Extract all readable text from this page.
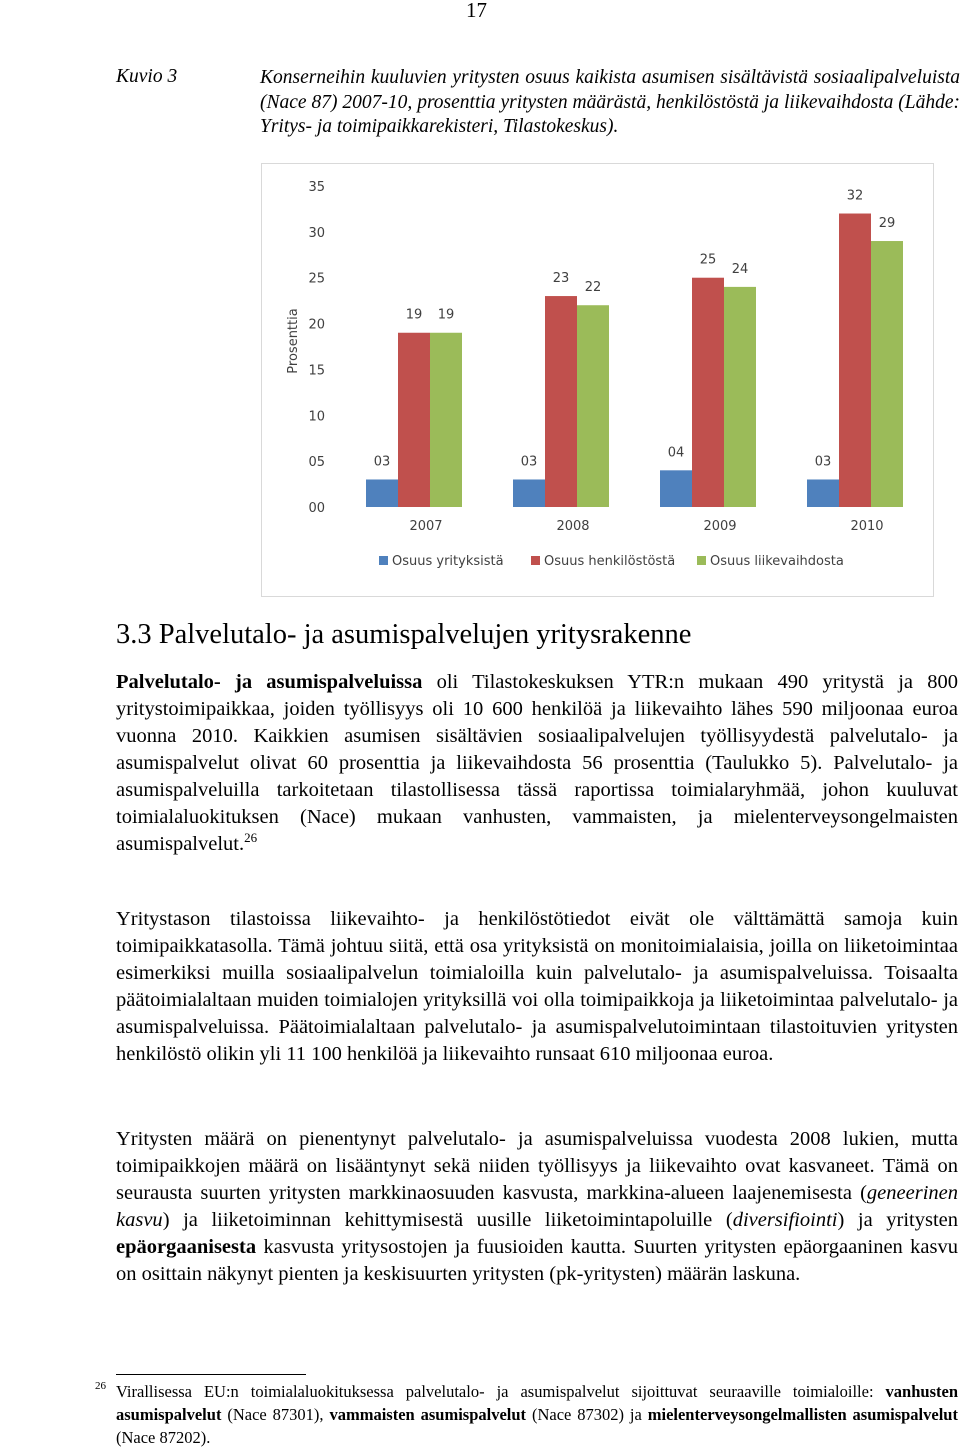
17
Kuvio 3	Konserneihin kuuluvien yritysten osuus kaikista asumisen sisältävistä sosiaalipalveluista (Nace 87) 2007-10, prosenttia yritysten määrästä, henkilöstöstä ja liikevaihdosta (Lähde: Yritys- ja toimipaikkarekisteri, Tilastokeskus).
Prosenttia
00
05
10
15
20
25
30
35
03
19 19
2007
03
23
22
2008
04
25
24
2009
03
32
29
2010
Osuus yrityksistä	Osuus henkilöstöstä	Osuus liikevaihdosta
3.3 Palvelutalo- ja asumispalvelujen yritysrakenne
Palvelutalo- ja asumispalveluissa oli Tilastokeskuksen YTR:n mukaan 490 yritystä ja 800 yritystoimipaikkaa, joiden työllisyys oli 10 600 henkilöä ja liikevaihto lähes 590 miljoonaa euroa vuonna 2010. Kaikkien asumisen sisältävien sosiaalipalvelujen työllisyydestä palvelutalo- ja asumispalvelut olivat 60 prosenttia ja liikevaihdosta 56 prosenttia (Taulukko 5). Palvelutalo- ja asumispalveluilla tarkoitetaan tilastollisessa tässä raportissa toimialaryhmää, johon kuuluvat toimialaluokituksen (Nace) mukaan vanhusten, vammaisten, ja mielenterveysongelmaisten asumispalvelut.$^{26}$
Yritystason tilastoissa liikevaihto- ja henkilöstötiedot eivät ole välttämättä samoja kuin toimipaikkatasolla. Tämä johtuu siitä, että osa yrityksistä on monitoimialaisia, joilla on liiketoimintaa esimerkiksi muilla sosiaalipalvelun toimialoilla kuin palvelutalo- ja asumispalveluissa. Toisaalta päätoimialaltaan muiden toimialojen yrityksillä voi olla toimipaikkoja ja liiketoimintaa palvelutalo- ja asumispalveluissa. Päätoimialaltaan palvelutalo- ja asumispalvelutoimintaan tilastoituvien yritysten henkilöstö olikin yli 11 100 henkilöä ja liikevaihto runsaat 610 miljoonaa euroa.
Yritysten määrä on pienentynyt palvelutalo- ja asumispalveluissa vuodesta 2008 lukien, mutta toimipaikkojen määrä on lisääntynyt sekä niiden työllisyys ja liikevaihto ovat kasvaneet. Tämä on seurausta suurten yritysten markkinaosuuden kasvusta, markkina-alueen laajenemisesta (geneerinen kasvu) ja liiketoiminnan kehittymisestä uusille liiketoimintapoluille (diversifiointi) ja yritysten epäorgaanisesta kasvusta yritysostojen ja fuusioiden kautta. Suurten yritysten epäorgaaninen kasvu on osittain näkynyt pienten ja keskisuurten yritysten (pk-yritysten) määrän laskuna.
26 Virallisessa EU:n toimialaluokituksessa palvelutalo- ja asumispalvelut sijoittuvat seuraaville toimialoille: vanhusten asumispalvelut (Nace 87301), vammaisten asumispalvelut (Nace 87302) ja mielenterveysongelmallisten asumispalvelut (Nace 87202).
